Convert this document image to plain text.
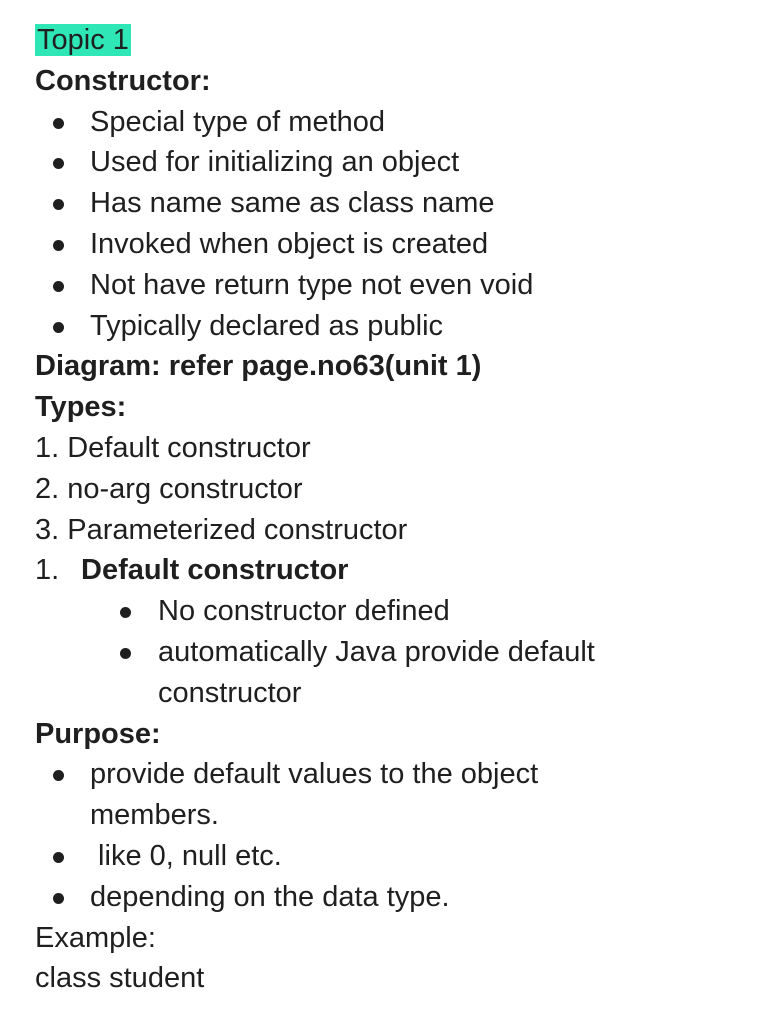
Topic 1
Constructor:
Special type of method
Used for initializing an object
Has name same as class name
Invoked when object is created
Not have return type not even void
Typically declared as public
Diagram: refer page.no63(unit 1)
Types:
1. Default constructor
2. no-arg constructor
3. Parameterized constructor
1. Default constructor
No constructor defined
automatically Java provide default
constructor
Purpose:
provide default values to the object
members.
like 0, null etc.
depending on the data type.
Example:
class student
